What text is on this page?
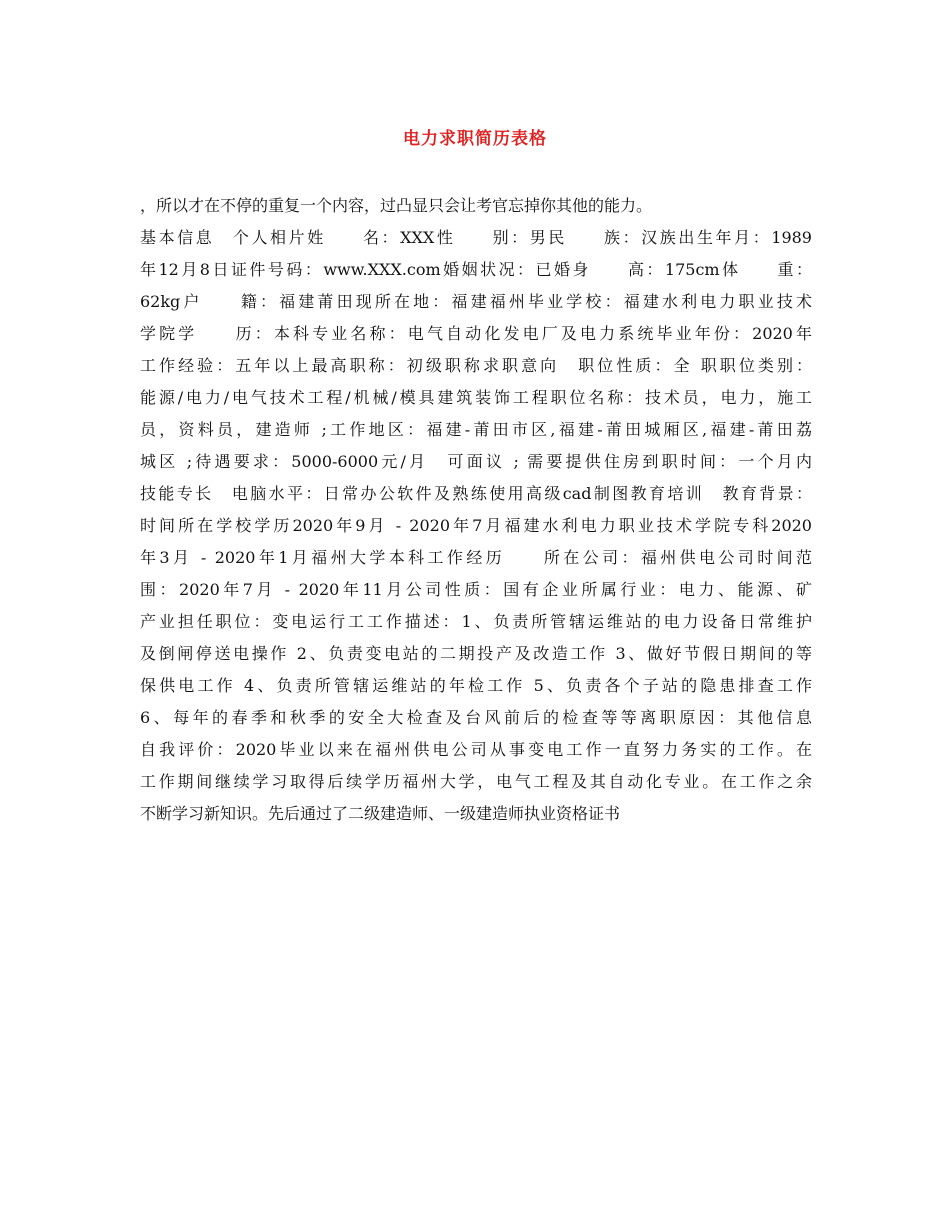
电力求职简历表格
，所以才在不停的重复一个内容，过凸显只会让考官忘掉你其他的能力。
基本信息　个人相片姓　　名：XXX性　　别：男民　　族：汉族出生年月：1989
年12月8日证件号码：www.XXX.com婚姻状况：已婚身　　高：175cm体　　重：
62kg户　　籍：福建莆田现所在地：福建福州毕业学校：福建水利电力职业技术
学院学　　历：本科专业名称：电气自动化发电厂及电力系统毕业年份：2020年
工作经验：五年以上最高职称：初级职称求职意向　职位性质：全 职职位类别：
能源/电力/电气技术工程/机械/模具建筑装饰工程职位名称：技术员，电力，施工
员，资料员，建造师 ;工作地区：福建-莆田市区,福建-莆田城厢区,福建-莆田荔
城区 ;待遇要求：5000-6000元/月　可面议 ; 需要提供住房到职时间：一个月内
技能专长　电脑水平：日常办公软件及熟练使用高级cad制图教育培训　教育背景：
时间所在学校学历2020年9月 - 2020年7月福建水利电力职业技术学院专科2020
年3月 - 2020年1月福州大学本科工作经历　　所在公司：福州供电公司时间范
围：2020年7月 - 2020年11月公司性质：国有企业所属行业：电力、能源、矿
产业担任职位：变电运行工工作描述：1、负责所管辖运维站的电力设备日常维护
及倒闸停送电操作 2、负责变电站的二期投产及改造工作 3、做好节假日期间的等
保供电工作 4、负责所管辖运维站的年检工作 5、负责各个子站的隐患排查工作
6、每年的春季和秋季的安全大检查及台风前后的检查等等离职原因：其他信息
自我评价：2020毕业以来在福州供电公司从事变电工作一直努力务实的工作。在
工作期间继续学习取得后续学历福州大学，电气工程及其自动化专业。在工作之余
不断学习新知识。先后通过了二级建造师、一级建造师执业资格证书
